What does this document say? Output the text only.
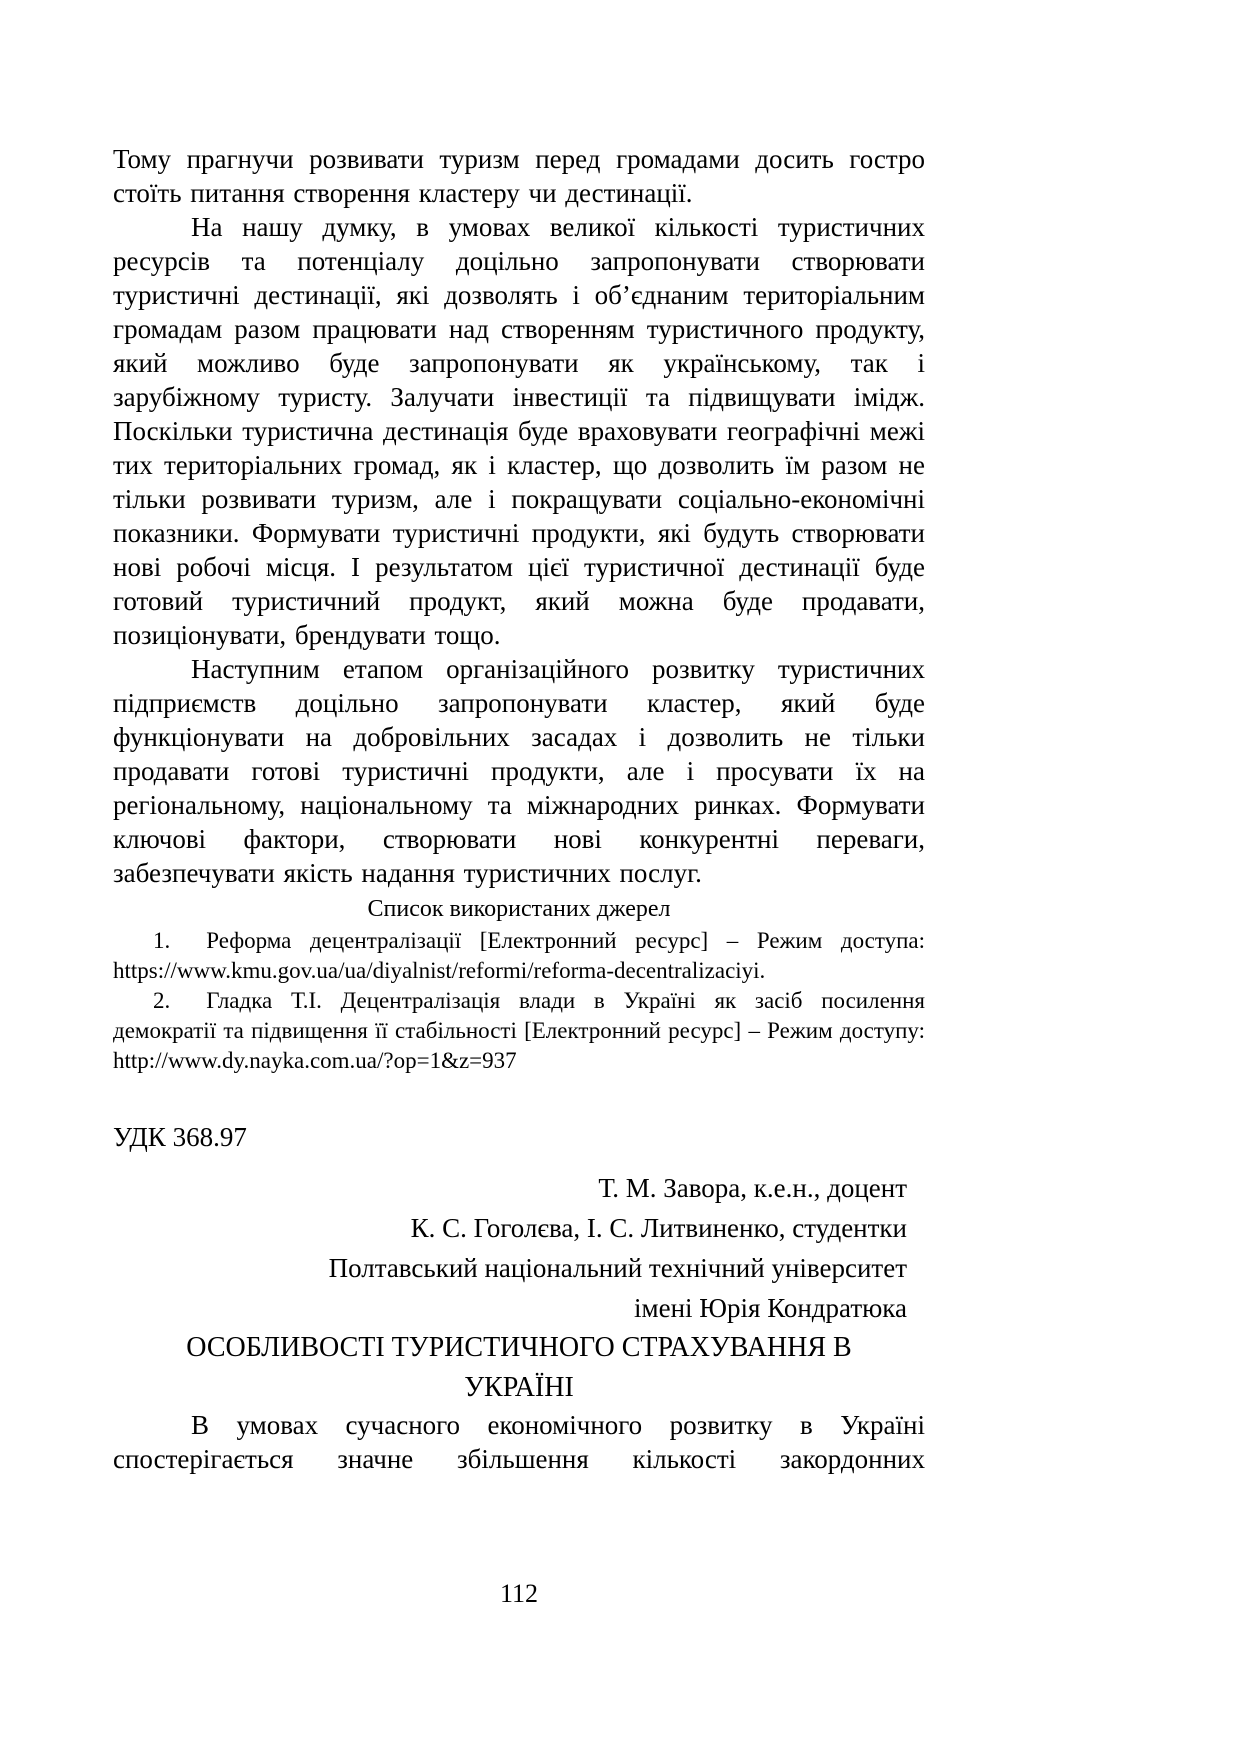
Тому прагнучи розвивати туризм перед громадами досить гостро стоїть питання створення кластеру чи дестинації.

На нашу думку, в умовах великої кількості туристичних ресурсів та потенціалу доцільно запропонувати створювати туристичні дестинації, які дозволять і об’єднаним територіальним громадам разом працювати над створенням туристичного продукту, який можливо буде запропонувати як українському, так і зарубіжному туристу. Залучати інвестиції та підвищувати імідж. Поскільки туристична дестинація буде враховувати географічні межі тих територіальних громад, як і кластер, що дозволить їм разом не тільки розвивати туризм, але і покращувати соціально-економічні показники. Формувати туристичні продукти, які будуть створювати нові робочі місця. І результатом цієї туристичної дестинації буде готовий туристичний продукт, який можна буде продавати, позиціонувати, брендувати тощо.

Наступним етапом організаційного розвитку туристичних підприємств доцільно запропонувати кластер, який буде функціонувати на добровільних засадах і дозволить не тільки продавати готові туристичні продукти, але і просувати їх на регіональному, національному та міжнародних ринках. Формувати ключові фактори, створювати нові конкурентні переваги, забезпечувати якість надання туристичних послуг.

Список використаних джерел

1. Реформа децентралізації [Електронний ресурс] – Режим доступа: https://www.kmu.gov.ua/ua/diyalnist/reformi/reforma-decentralizaciyi.

2. Гладка Т.І. Децентралізація влади в Україні як засіб посилення демократії та підвищення її стабільності [Електронний ресурс] – Режим доступу: http://www.dy.nayka.com.ua/?op=1&z=937

УДК 368.97
Т. М. Завора, к.е.н., доцент
К. С. Гоголєва, І. С. Литвиненко, студентки
Полтавський національний технічний університет
імені Юрія Кондратюка
ОСОБЛИВОСТІ ТУРИСТИЧНОГО СТРАХУВАННЯ В
УКРАЇНІ

В умовах сучасного економічного розвитку в Україні спостерігається значне збільшення кількості закордонних

112
